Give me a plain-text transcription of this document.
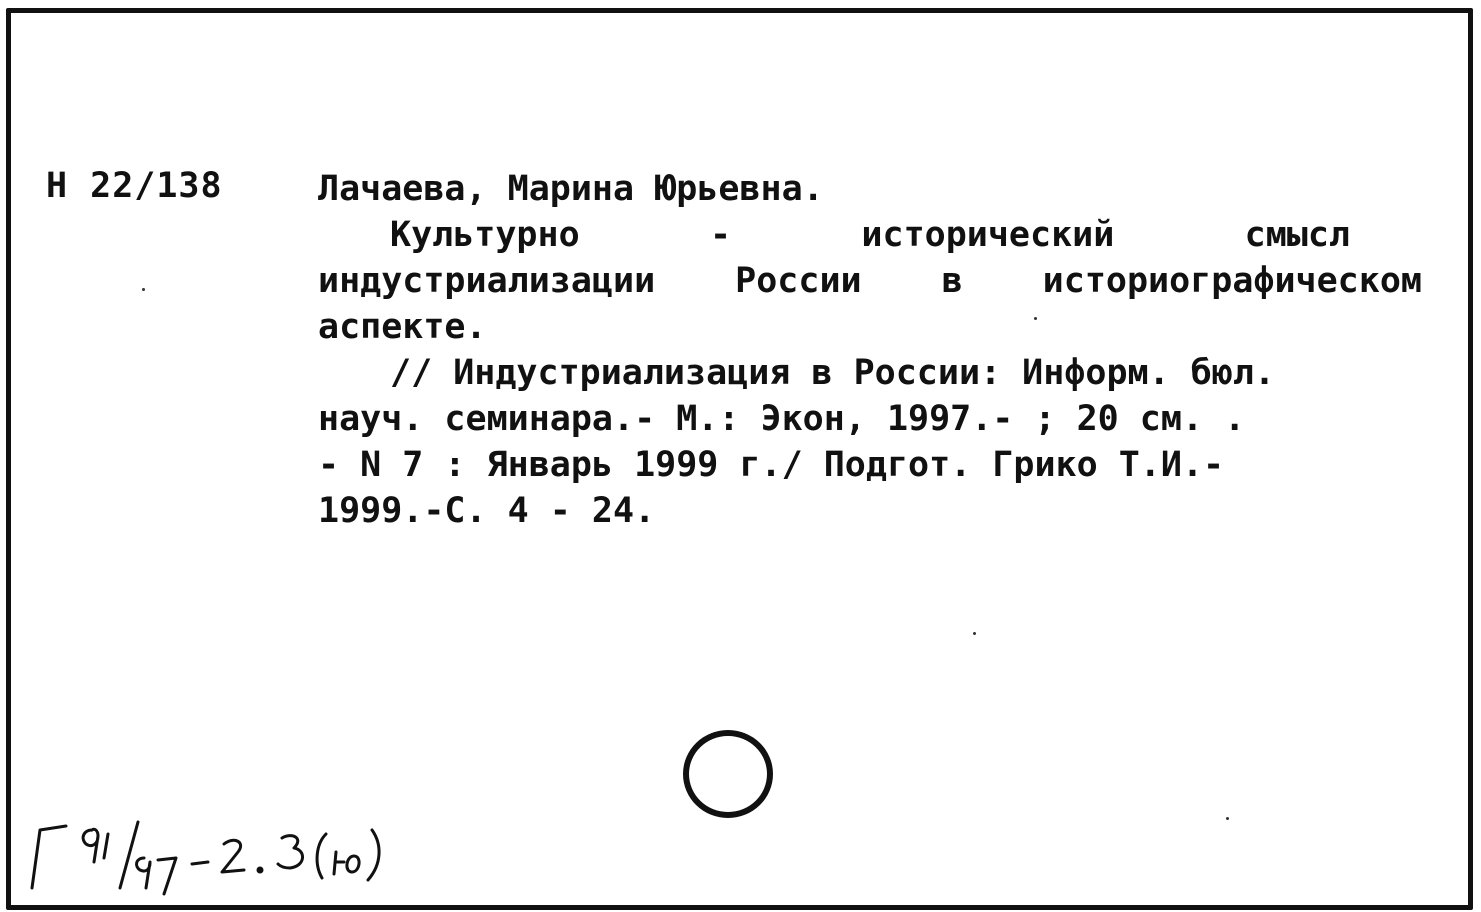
Н 22/138	Лачаева, Марина Юрьевна.
Культурно	-	исторический	смысл
индустриализации России в историографическом
аспекте.
// Индустриализация в России: Информ. бюл.
науч. семинара.- М.: Экон, 1997.- ; 20 см. .
- N 7 : Январь 1999 г./ Подгот. Грико Т.И.-
1999.-С. 4 - 24.
